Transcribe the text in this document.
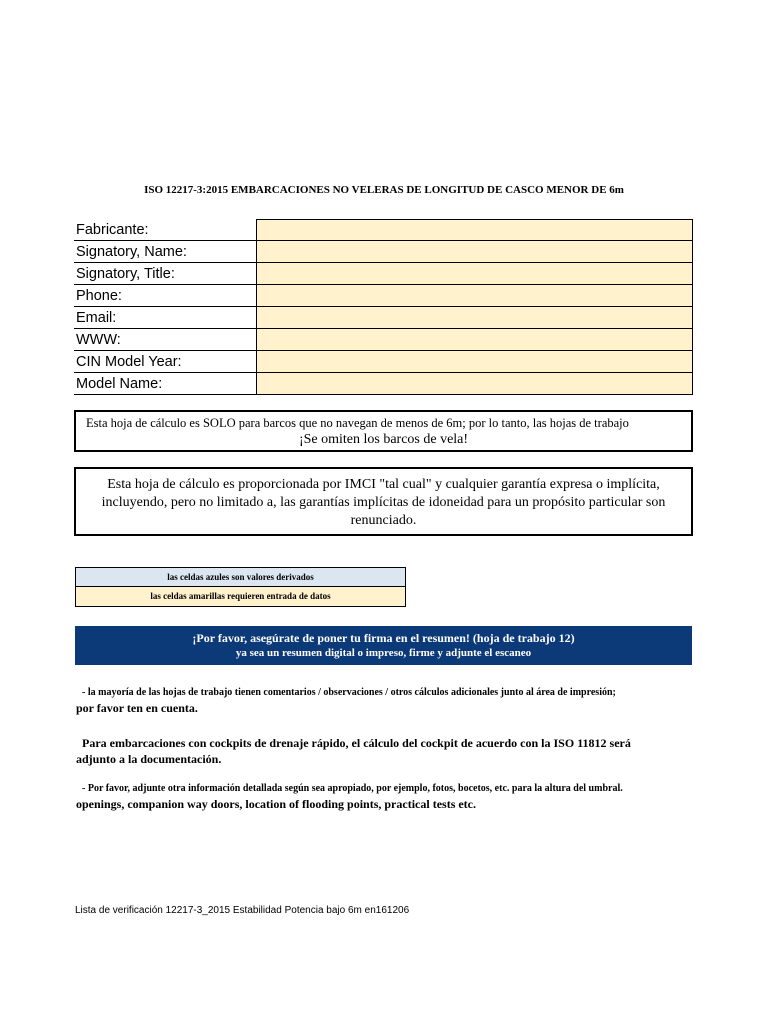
ISO 12217-3:2015 EMBARCACIONES NO VELERAS DE LONGITUD DE CASCO MENOR DE 6m
Fabricante:
Signatory, Name:
Signatory, Title:
Phone:
Email:
WWW:
CIN Model Year:
Model Name:
Esta hoja de cálculo es SOLO para barcos que no navegan de menos de 6m; por lo tanto, las hojas de trabajo
¡Se omiten los barcos de vela!
Esta hoja de cálculo es proporcionada por IMCI "tal cual" y cualquier garantía expresa o implícita,
incluyendo, pero no limitado a, las garantías implícitas de idoneidad para un propósito particular son
renunciado.
las celdas azules son valores derivados
las celdas amarillas requieren entrada de datos
¡Por favor, asegúrate de poner tu firma en el resumen! (hoja de trabajo 12)
ya sea un resumen digital o impreso, firme y adjunte el escaneo
- la mayoría de las hojas de trabajo tienen comentarios / observaciones / otros cálculos adicionales junto al área de impresión;
por favor ten en cuenta.
Para embarcaciones con cockpits de drenaje rápido, el cálculo del cockpit de acuerdo con la ISO 11812 será
adjunto a la documentación.
- Por favor, adjunte otra información detallada según sea apropiado, por ejemplo, fotos, bocetos, etc. para la altura del umbral.
openings, companion way doors, location of flooding points, practical tests etc.
Lista de verificación 12217-3_2015 Estabilidad Potencia bajo 6m en161206
